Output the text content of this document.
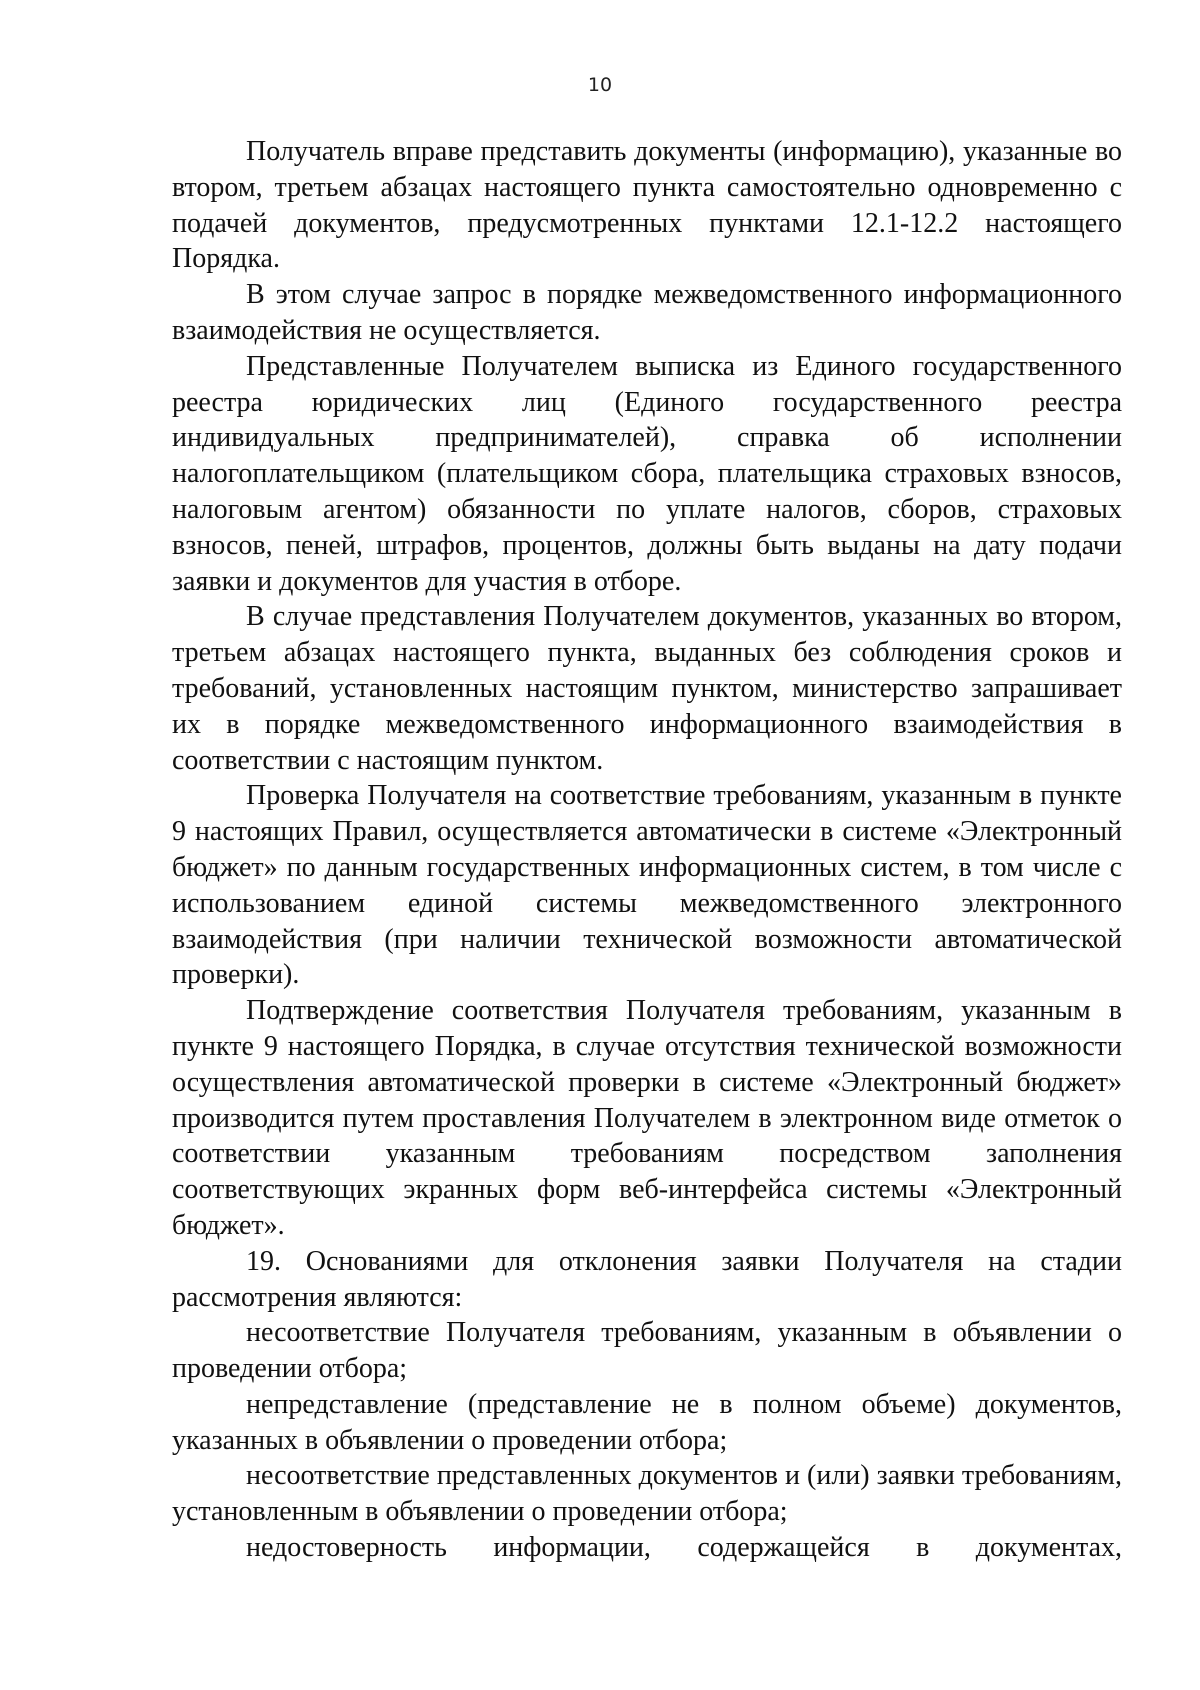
10

Получатель вправе представить документы (информацию), указанные во втором, третьем абзацах настоящего пункта самостоятельно одновременно с подачей документов, предусмотренных пунктами 12.1-12.2 настоящего Порядка.

В этом случае запрос в порядке межведомственного информационного взаимодействия не осуществляется.

Представленные Получателем выписка из Единого государственного реестра юридических лиц (Единого государственного реестра индивидуальных предпринимателей), справка об исполнении налогоплательщиком (плательщиком сбора, плательщика страховых взносов, налоговым агентом) обязанности по уплате налогов, сборов, страховых взносов, пеней, штрафов, процентов, должны быть выданы на дату подачи заявки и документов для участия в отборе.

В случае представления Получателем документов, указанных во втором, третьем абзацах настоящего пункта, выданных без соблюдения сроков и требований, установленных настоящим пунктом, министерство запрашивает их в порядке межведомственного информационного взаимодействия в соответствии с настоящим пунктом.

Проверка Получателя на соответствие требованиям, указанным в пункте 9 настоящих Правил, осуществляется автоматически в системе «Электронный бюджет» по данным государственных информационных систем, в том числе с использованием единой системы межведомственного электронного взаимодействия (при наличии технической возможности автоматической проверки).

Подтверждение соответствия Получателя требованиям, указанным в пункте 9 настоящего Порядка, в случае отсутствия технической возможности осуществления автоматической проверки в системе «Электронный бюджет» производится путем проставления Получателем в электронном виде отметок о соответствии указанным требованиям посредством заполнения соответствующих экранных форм веб-интерфейса системы «Электронный бюджет».

19. Основаниями для отклонения заявки Получателя на стадии рассмотрения являются:

несоответствие Получателя требованиям, указанным в объявлении о проведении отбора;

непредставление (представление не в полном объеме) документов, указанных в объявлении о проведении отбора;

несоответствие представленных документов и (или) заявки требованиям, установленным в объявлении о проведении отбора;

недостоверность информации, содержащейся в документах,
